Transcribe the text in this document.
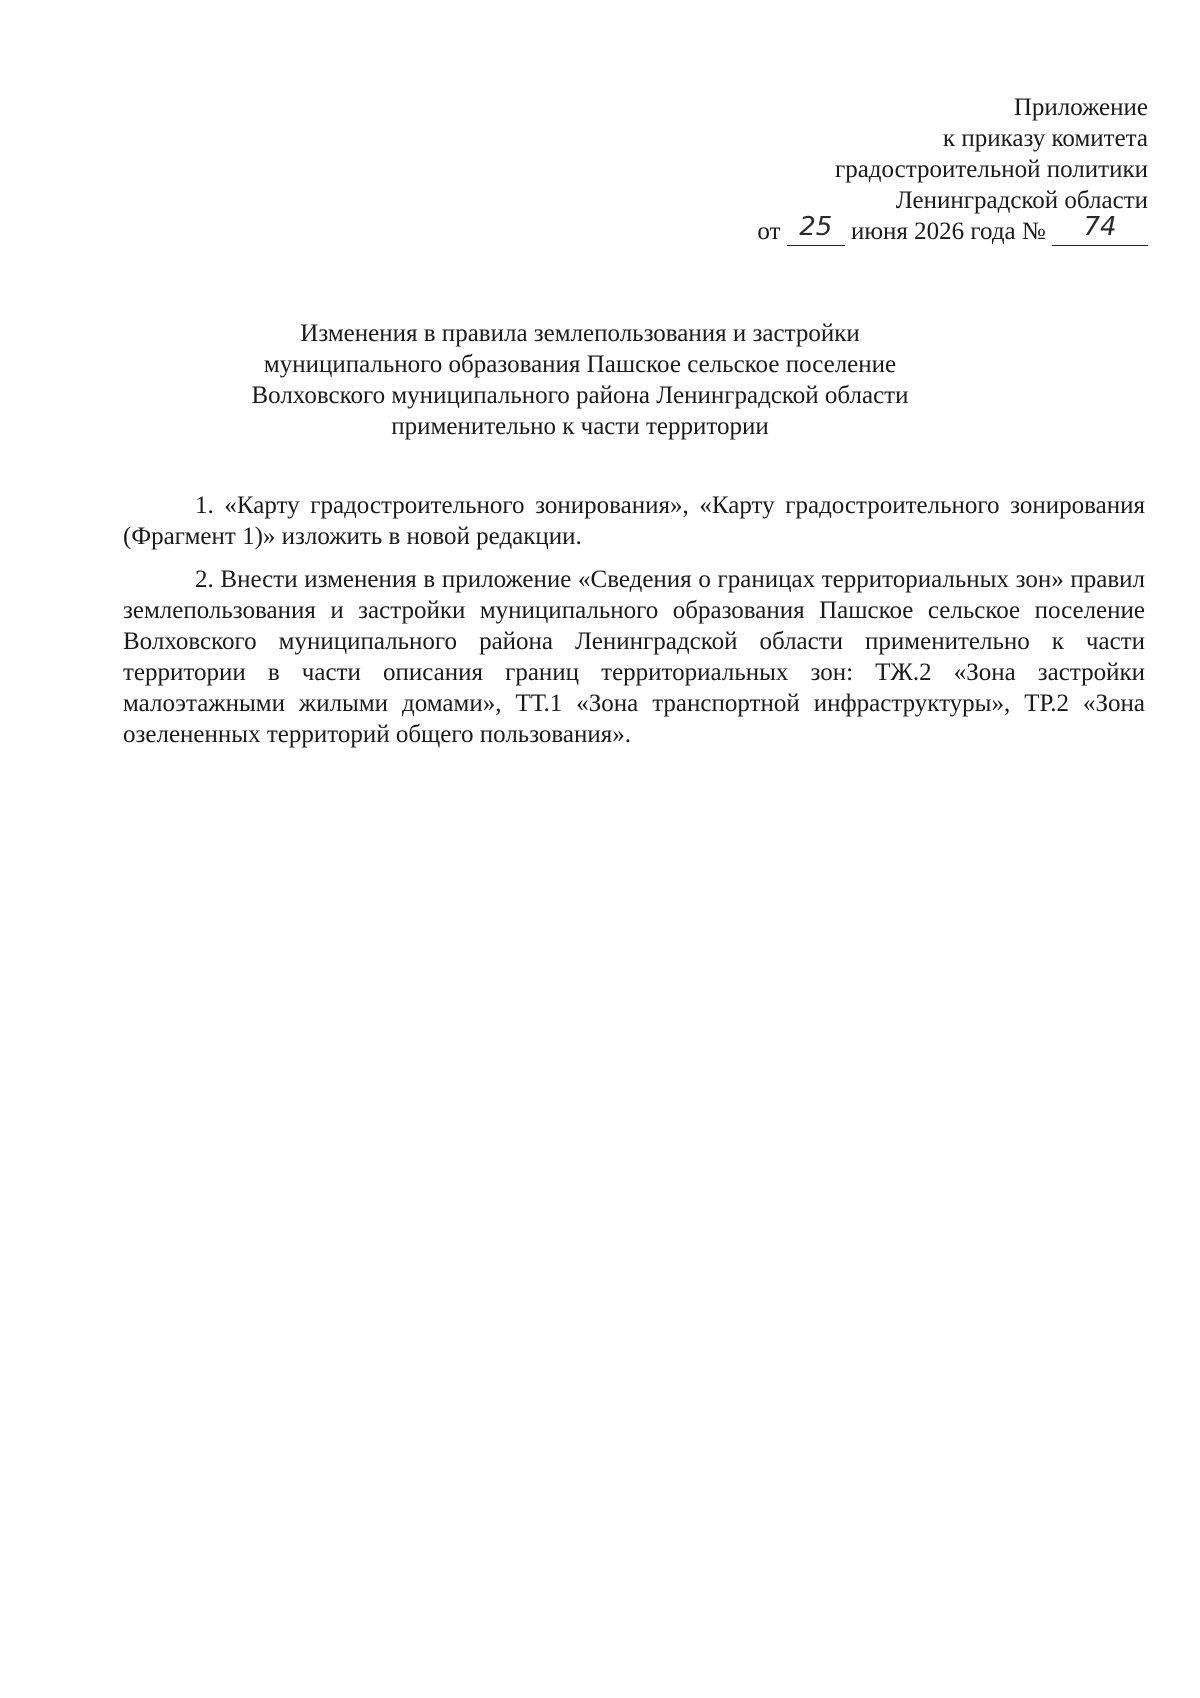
Приложение
к приказу комитета
градостроительной политики
Ленинградской области
от 25 июня 2026 года № 74
Изменения в правила землепользования и застройки
муниципального образования Пашское сельское поселение
Волховского муниципального района Ленинградской области
применительно к части территории

1. «Карту градостроительного зонирования», «Карту градостроительного зонирования (Фрагмент 1)» изложить в новой редакции.

2. Внести изменения в приложение «Сведения о границах территориальных зон» правил землепользования и застройки муниципального образования Пашское сельское поселение Волховского муниципального района Ленинградской области применительно к части территории в части описания границ территориальных зон: ТЖ.2 «Зона застройки малоэтажными жилыми домами», ТТ.1 «Зона транспортной инфраструктуры», ТР.2 «Зона озелененных территорий общего пользования».
